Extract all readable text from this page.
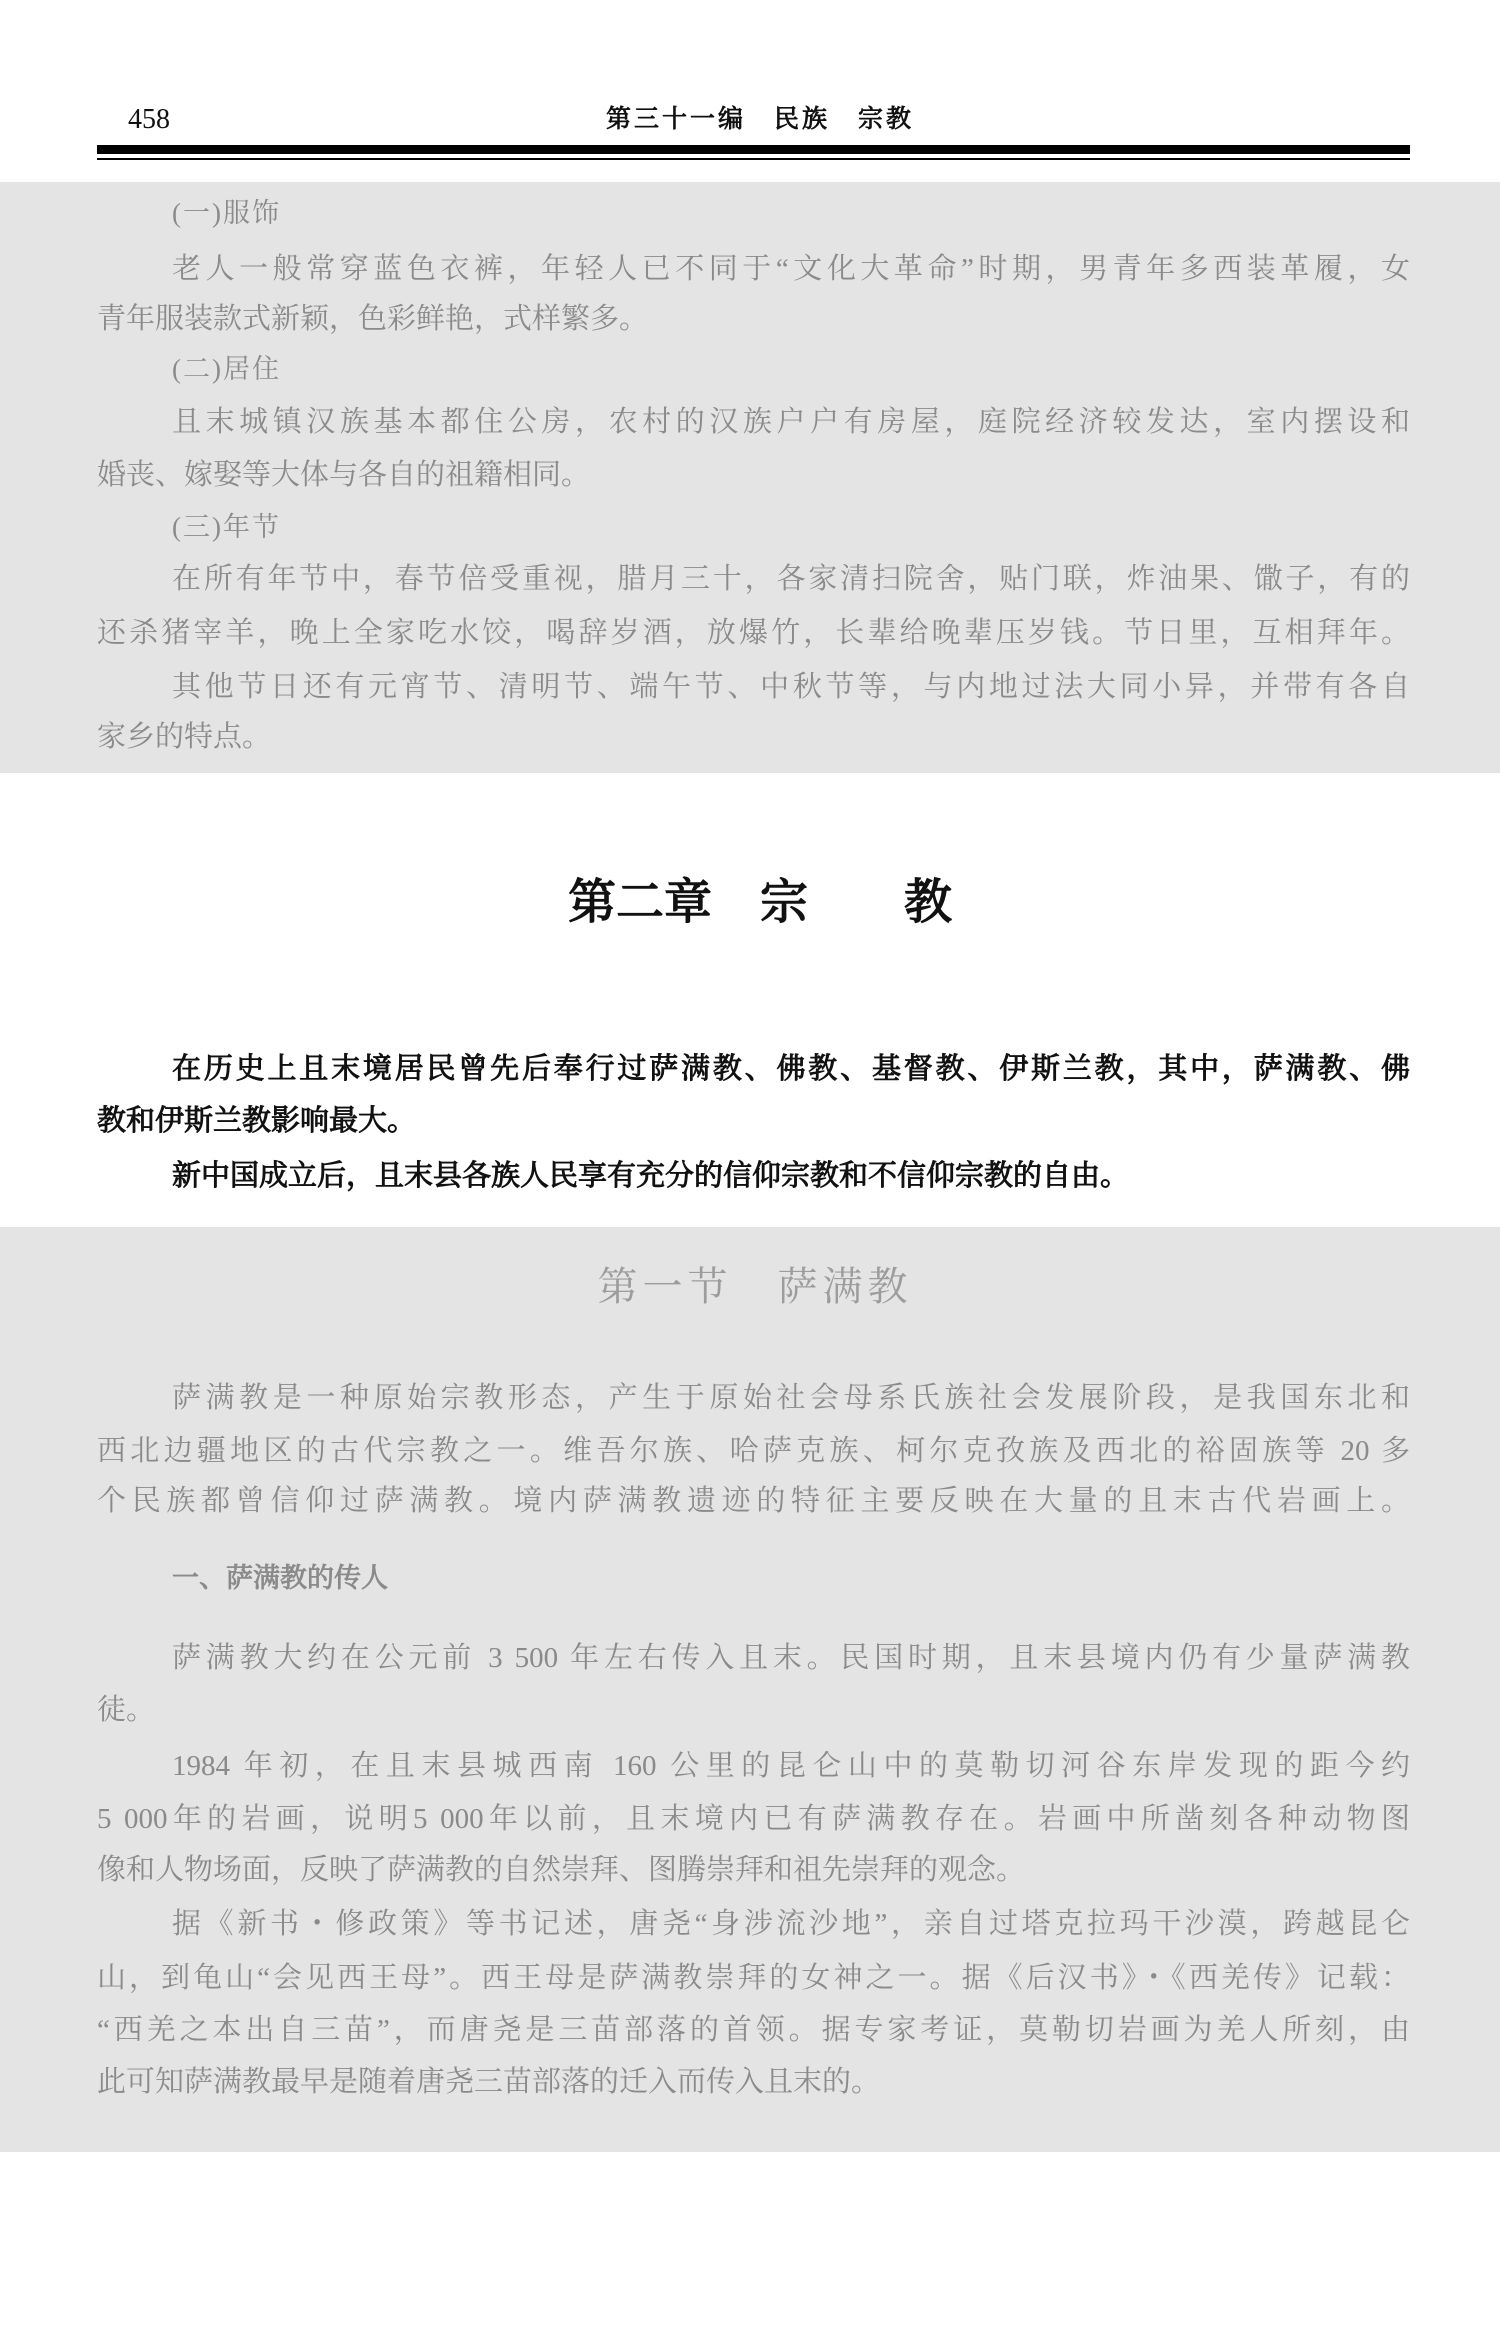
458	第三十一编　民族　宗教
(一)服饰
老人一般常穿蓝色衣裤，年轻人已不同于“文化大革命”时期，男青年多西装革履，女
青年服装款式新颖，色彩鲜艳，式样繁多。
(二)居住
且末城镇汉族基本都住公房，农村的汉族户户有房屋，庭院经济较发达，室内摆设和
婚丧、嫁娶等大体与各自的祖籍相同。
(三)年节
在所有年节中，春节倍受重视，腊月三十，各家清扫院舍，贴门联，炸油果、馓子，有的
还杀猪宰羊，晚上全家吃水饺，喝辞岁酒，放爆竹，长辈给晚辈压岁钱。节日里，互相拜年。
其他节日还有元宵节、清明节、端午节、中秋节等，与内地过法大同小异，并带有各自
家乡的特点。
第二章　宗　　教
在历史上且末境居民曾先后奉行过萨满教、佛教、基督教、伊斯兰教，其中，萨满教、佛
教和伊斯兰教影响最大。
新中国成立后，且末县各族人民享有充分的信仰宗教和不信仰宗教的自由。
第一节　萨满教
萨满教是一种原始宗教形态，产生于原始社会母系氏族社会发展阶段，是我国东北和
西北边疆地区的古代宗教之一。维吾尔族、哈萨克族、柯尔克孜族及西北的裕固族等 20 多
个民族都曾信仰过萨满教。境内萨满教遗迹的特征主要反映在大量的且末古代岩画上。
一、萨满教的传人
萨满教大约在公元前 3 500 年左右传入且末。民国时期，且末县境内仍有少量萨满教
徒。
1984 年初，在且末县城西南 160 公里的昆仑山中的莫勒切河谷东岸发现的距今约
5 000年的岩画，说明5 000年以前，且末境内已有萨满教存在。岩画中所凿刻各种动物图
像和人物场面，反映了萨满教的自然崇拜、图腾崇拜和祖先崇拜的观念。
据《新书・修政策》等书记述，唐尧“身涉流沙地”，亲自过塔克拉玛干沙漠，跨越昆仑
山，到龟山“会见西王母”。西王母是萨满教崇拜的女神之一。据《后汉书》・《西羌传》记载：
“西羌之本出自三苗”，而唐尧是三苗部落的首领。据专家考证，莫勒切岩画为羌人所刻，由
此可知萨满教最早是随着唐尧三苗部落的迁入而传入且末的。
